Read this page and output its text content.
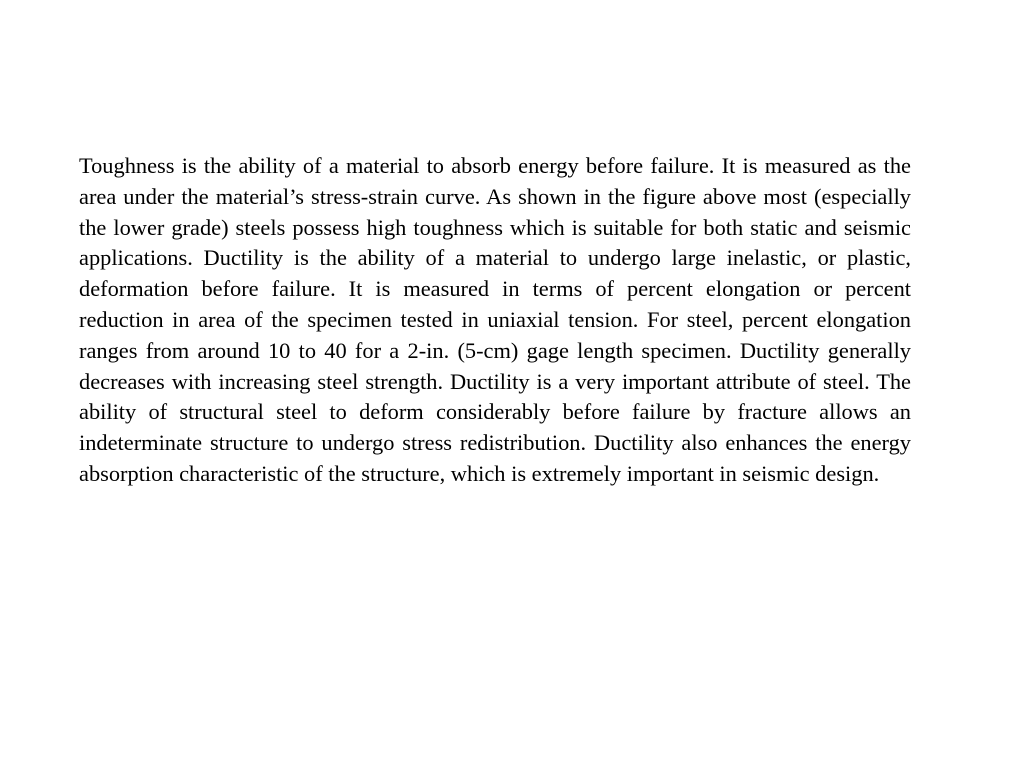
Toughness is the ability of a material to absorb energy before failure. It is measured as the area under the material’s stress-strain curve. As shown in the figure above most (especially the lower grade) steels possess high toughness which is suitable for both static and seismic applications. Ductility is the ability of a material to undergo large inelastic, or plastic, deformation before failure. It is measured in terms of percent elongation or percent reduction in area of the specimen tested in uniaxial tension. For steel, percent elongation ranges from around 10 to 40 for a 2-in. (5-cm) gage length specimen. Ductility generally decreases with increasing steel strength. Ductility is a very important attribute of steel. The ability of structural steel to deform considerably before failure by fracture allows an indeterminate structure to undergo stress redistribution. Ductility also enhances the energy absorption characteristic of the structure, which is extremely important in seismic design.
